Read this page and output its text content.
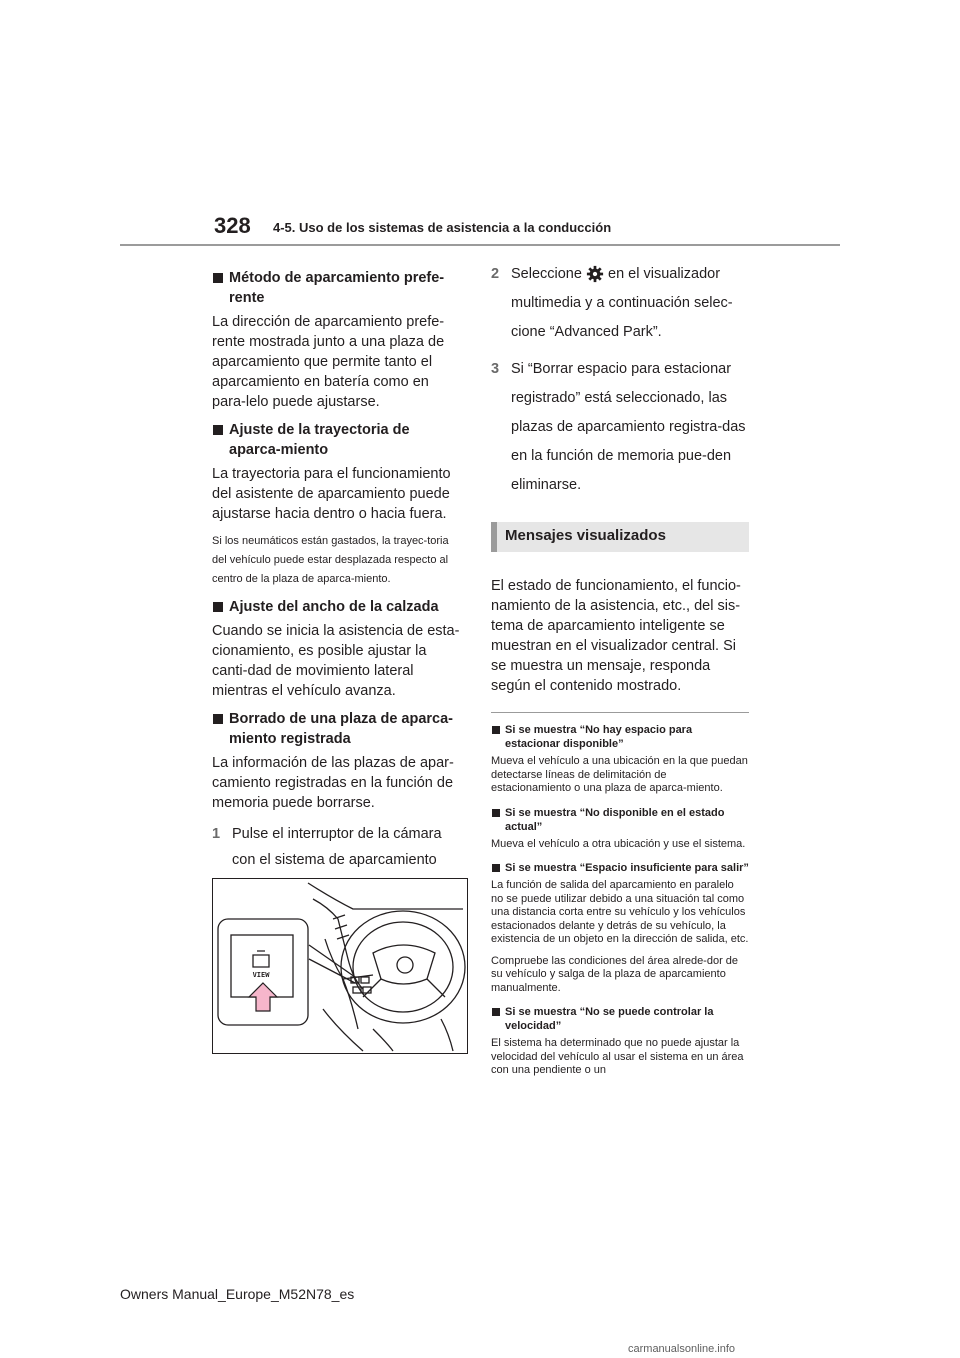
328 4-5. Uso de los sistemas de asistencia a la conducción
Método de aparcamiento prefe-rente

La dirección de aparcamiento prefe-rente mostrada junto a una plaza de aparcamiento que permite tanto el aparcamiento en batería como en para-lelo puede ajustarse.

Ajuste de la trayectoria de aparca-miento

La trayectoria para el funcionamiento del asistente de aparcamiento puede ajustarse hacia dentro o hacia fuera.

Si los neumáticos están gastados, la trayec-toria del vehículo puede estar desplazada respecto al centro de la plaza de aparca-miento.

Ajuste del ancho de la calzada

Cuando se inicia la asistencia de esta-cionamiento, es posible ajustar la canti-dad de movimiento lateral mientras el vehículo avanza.

Borrado de una plaza de aparca-miento registrada

La información de las plazas de apar-camiento registradas en la función de memoria puede borrarse.

1 Pulse el interruptor de la cámara con el sistema de aparcamiento
VIEW
2 Seleccione en el visualizador multimedia y a continuación selec-cione “Advanced Park”.
3 Si “Borrar espacio para estacionar registrado” está seleccionado, las plazas de aparcamiento registra-das en la función de memoria pue-den eliminarse.
Mensajes visualizados

El estado de funcionamiento, el funcio-namiento de la asistencia, etc., del sis-tema de aparcamiento inteligente se muestran en el visualizador central. Si se muestra un mensaje, responda según el contenido mostrado.

Si se muestra “No hay espacio para estacionar disponible”

Mueva el vehículo a una ubicación en la que puedan detectarse líneas de delimitación de estacionamiento o una plaza de aparca-miento.

Si se muestra “No disponible en el estado actual”

Mueva el vehículo a otra ubicación y use el sistema.

Si se muestra “Espacio insuficiente para salir”

La función de salida del aparcamiento en paralelo no se puede utilizar debido a una situación tal como una distancia corta entre su vehículo y los vehículos estacionados delante y detrás de su vehículo, la existencia de un objeto en la dirección de salida, etc.

Compruebe las condiciones del área alrede-dor de su vehículo y salga de la plaza de aparcamiento manualmente.

Si se muestra “No se puede controlar la velocidad”

El sistema ha determinado que no puede ajustar la velocidad del vehículo al usar el sistema en un área con una pendiente o un

Owners Manual_Europe_M52N78_es
carmanualsonline.info
